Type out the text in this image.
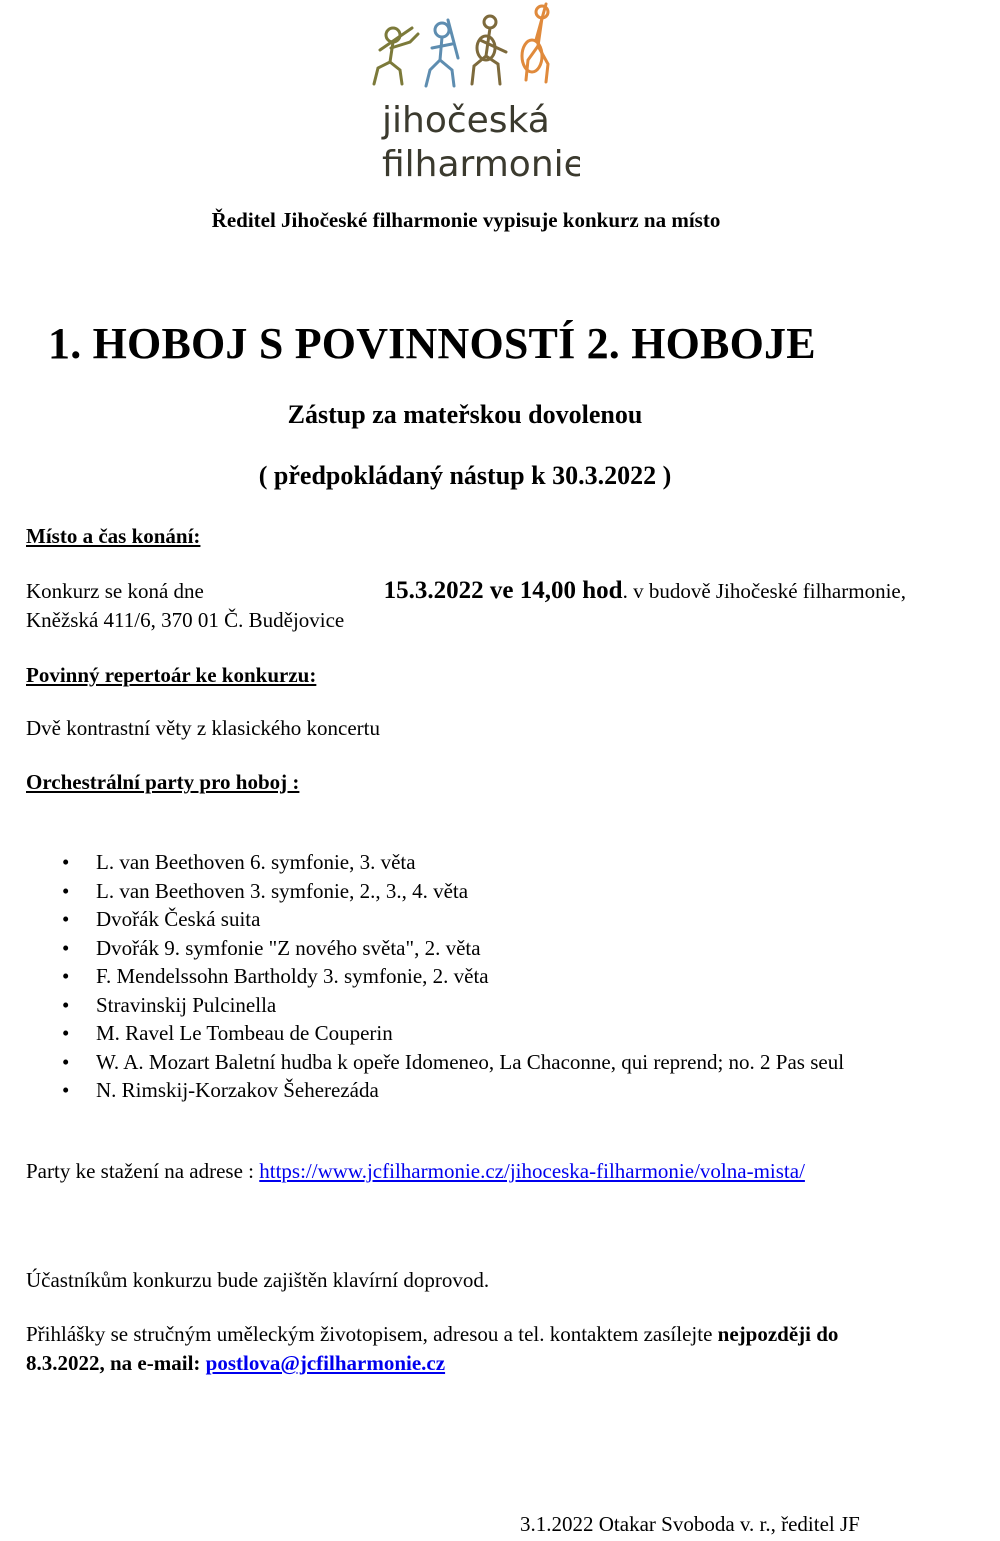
jihočeská
filharmonie
Ředitel Jihočeské filharmonie vypisuje konkurz na místo
1. HOBOJ S POVINNOSTÍ 2. HOBOJE
Zástup za mateřskou dovolenou
( předpokládaný nástup k 30.3.2022 )
Místo a čas konání:
Konkurz se koná dne	15.3.2022 ve 14,00 hod. v budově Jihočeské filharmonie,
Kněžská 411/6, 370 01 Č. Budějovice
Povinný repertoár ke konkurzu:
Dvě kontrastní věty z klasického koncertu
Orchestrální party pro hoboj :
• L. van Beethoven 6. symfonie, 3. věta
• L. van Beethoven 3. symfonie, 2., 3., 4. věta
• Dvořák Česká suita
• Dvořák 9. symfonie "Z nového světa", 2. věta
• F. Mendelssohn Bartholdy 3. symfonie, 2. věta
• Stravinskij Pulcinella
• M. Ravel Le Tombeau de Couperin
• W. A. Mozart Baletní hudba k opeře Idomeneo, La Chaconne, qui reprend; no. 2 Pas seul
• N. Rimskij-Korzakov Šeherezáda
Party ke stažení na adrese : https://www.jcfilharmonie.cz/jihoceska-filharmonie/volna-mista/
Účastníkům konkurzu bude zajištěn klavírní doprovod.
Přihlášky se stručným uměleckým životopisem, adresou a tel. kontaktem zasílejte nejpozději do 8.3.2022, na e-mail: postlova@jcfilharmonie.cz
3.1.2022 Otakar Svoboda v. r., ředitel JF
